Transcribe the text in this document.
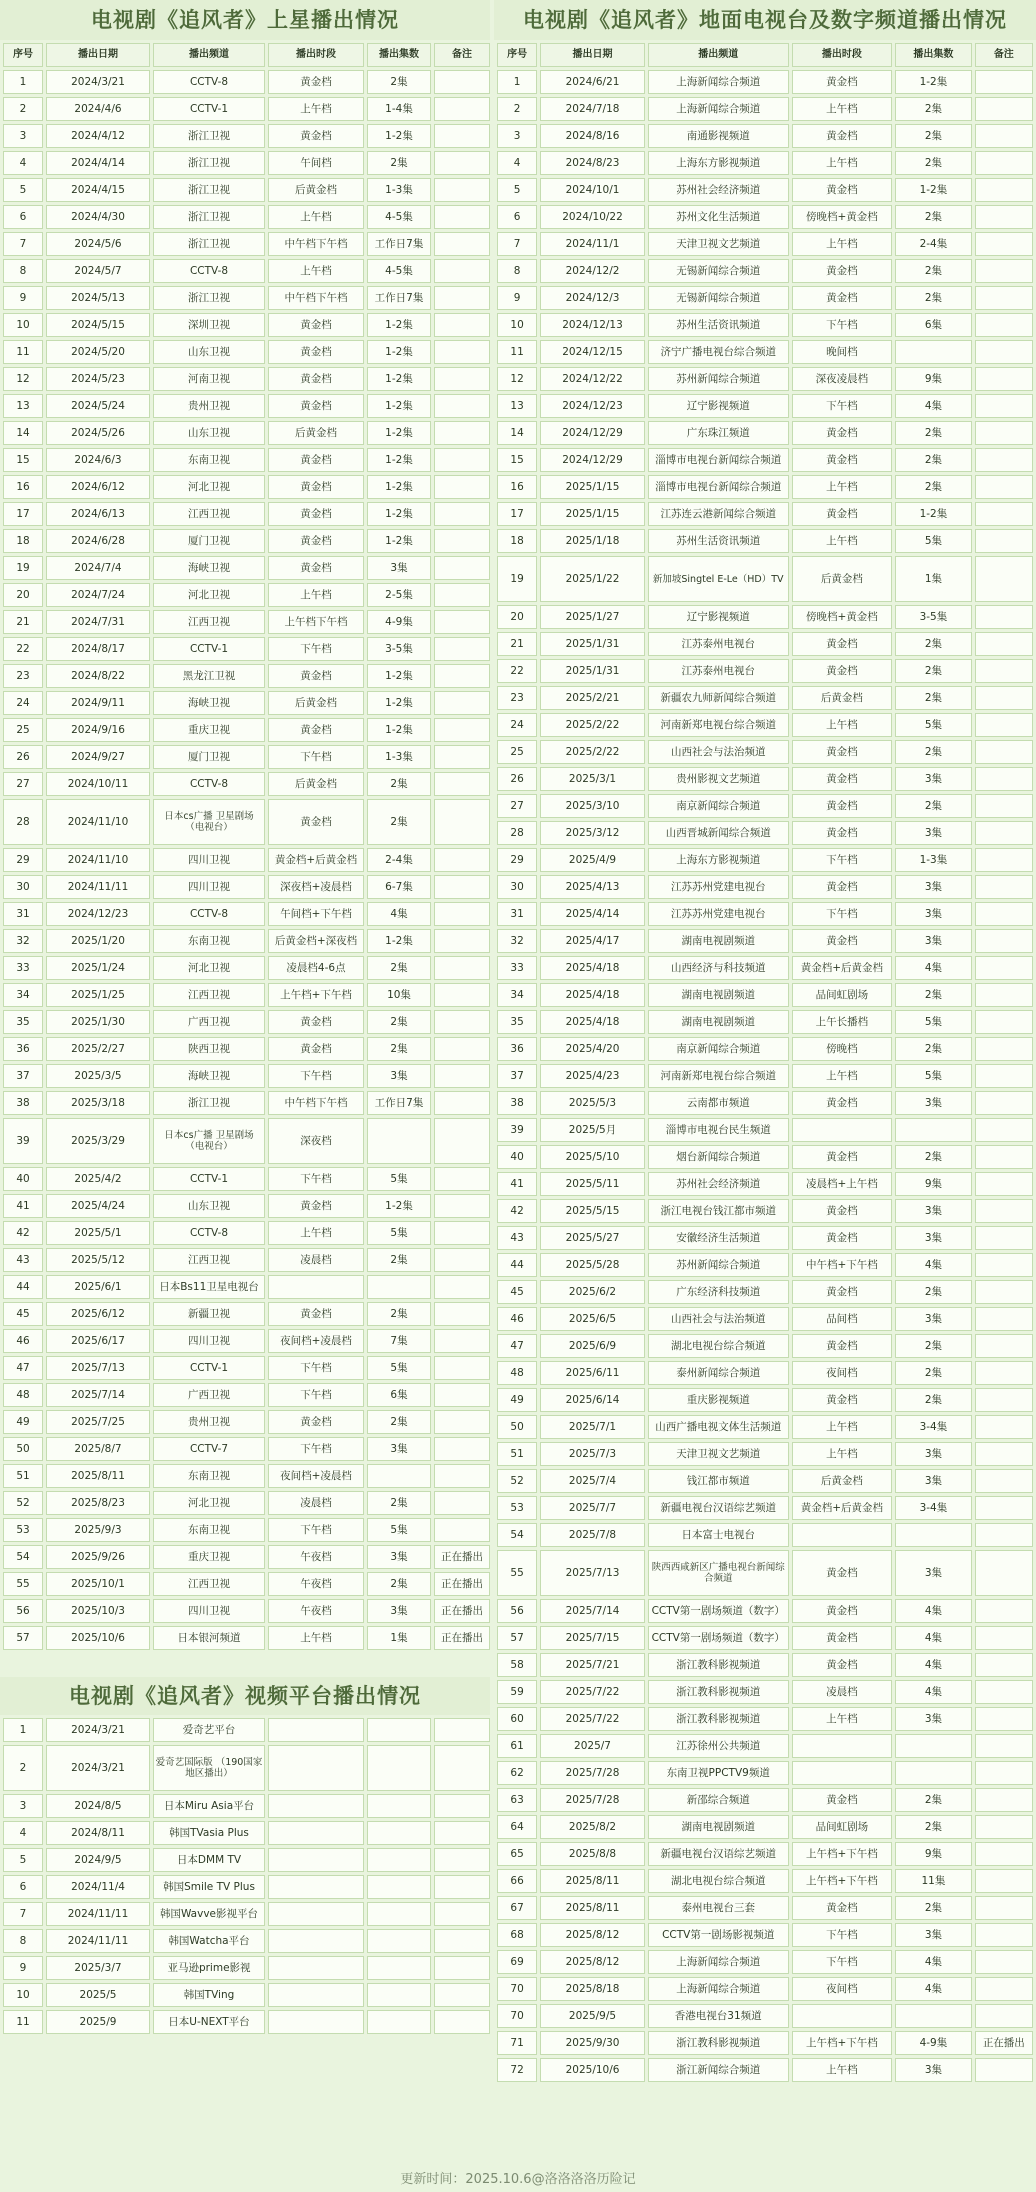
电视剧《追风者》上星播出情况
序号	播出日期	播出频道	播出时段	播出集数	备注
1	2024/3/21	CCTV-8	黄金档	2集	
2	2024/4/6	CCTV-1	上午档	1-4集	
3	2024/4/12	浙江卫视	黄金档	1-2集	
4	2024/4/14	浙江卫视	午间档	2集	
5	2024/4/15	浙江卫视	后黄金档	1-3集	
6	2024/4/30	浙江卫视	上午档	4-5集	
7	2024/5/6	浙江卫视	中午档下午档	工作日7集	
8	2024/5/7	CCTV-8	上午档	4-5集	
9	2024/5/13	浙江卫视	中午档下午档	工作日7集	
10	2024/5/15	深圳卫视	黄金档	1-2集	
11	2024/5/20	山东卫视	黄金档	1-2集	
12	2024/5/23	河南卫视	黄金档	1-2集	
13	2024/5/24	贵州卫视	黄金档	1-2集	
14	2024/5/26	山东卫视	后黄金档	1-2集	
15	2024/6/3	东南卫视	黄金档	1-2集	
16	2024/6/12	河北卫视	黄金档	1-2集	
17	2024/6/13	江西卫视	黄金档	1-2集	
18	2024/6/28	厦门卫视	黄金档	1-2集	
19	2024/7/4	海峡卫视	黄金档	3集	
20	2024/7/24	河北卫视	上午档	2-5集	
21	2024/7/31	江西卫视	上午档下午档	4-9集	
22	2024/8/17	CCTV-1	下午档	3-5集	
23	2024/8/22	黑龙江卫视	黄金档	1-2集	
24	2024/9/11	海峡卫视	后黄金档	1-2集	
25	2024/9/16	重庆卫视	黄金档	1-2集	
26	2024/9/27	厦门卫视	下午档	1-3集	
27	2024/10/11	CCTV-8	后黄金档	2集	
28	2024/11/10	日本cs广播 卫星剧场（电视台）	黄金档	2集	
29	2024/11/10	四川卫视	黄金档+后黄金档	2-4集	
30	2024/11/11	四川卫视	深夜档+凌晨档	6-7集	
31	2024/12/23	CCTV-8	午间档+下午档	4集	
32	2025/1/20	东南卫视	后黄金档+深夜档	1-2集	
33	2025/1/24	河北卫视	凌晨档4-6点	2集	
34	2025/1/25	江西卫视	上午档+下午档	10集	
35	2025/1/30	广西卫视	黄金档	2集	
36	2025/2/27	陕西卫视	黄金档	2集	
37	2025/3/5	海峡卫视	下午档	3集	
38	2025/3/18	浙江卫视	中午档下午档	工作日7集	
39	2025/3/29	日本cs广播 卫星剧场（电视台）	深夜档		
40	2025/4/2	CCTV-1	下午档	5集	
41	2025/4/24	山东卫视	黄金档	1-2集	
42	2025/5/1	CCTV-8	上午档	5集	
43	2025/5/12	江西卫视	凌晨档	2集	
44	2025/6/1	日本Bs11卫星电视台			
45	2025/6/12	新疆卫视	黄金档	2集	
46	2025/6/17	四川卫视	夜间档+凌晨档	7集	
47	2025/7/13	CCTV-1	下午档	5集	
48	2025/7/14	广西卫视	下午档	6集	
49	2025/7/25	贵州卫视	黄金档	2集	
50	2025/8/7	CCTV-7	下午档	3集	
51	2025/8/11	东南卫视	夜间档+凌晨档		
52	2025/8/23	河北卫视	凌晨档	2集	
53	2025/9/3	东南卫视	下午档	5集	
54	2025/9/26	重庆卫视	午夜档	3集	正在播出
55	2025/10/1	江西卫视	午夜档	2集	正在播出
56	2025/10/3	四川卫视	午夜档	3集	正在播出
57	2025/10/6	日本银河频道	上午档	1集	正在播出
电视剧《追风者》视频平台播出情况
1	2024/3/21	爱奇艺平台			
2	2024/3/21	爱奇艺国际版 （190国家地区播出）			
3	2024/8/5	日本Miru Asia平台			
4	2024/8/11	韩国TVasia Plus			
5	2024/9/5	日本DMM TV			
6	2024/11/4	韩国Smile TV Plus			
7	2024/11/11	韩国Wavve影视平台			
8	2024/11/11	韩国Watcha平台			
9	2025/3/7	亚马逊prime影视			
10	2025/5	韩国TVing			
11	2025/9	日本U-NEXT平台			
电视剧《追风者》地面电视台及数字频道播出情况
序号	播出日期	播出频道	播出时段	播出集数	备注
1	2024/6/21	上海新闻综合频道	黄金档	1-2集	
2	2024/7/18	上海新闻综合频道	上午档	2集	
3	2024/8/16	南通影视频道	黄金档	2集	
4	2024/8/23	上海东方影视频道	上午档	2集	
5	2024/10/1	苏州社会经济频道	黄金档	1-2集	
6	2024/10/22	苏州文化生活频道	傍晚档+黄金档	2集	
7	2024/11/1	天津卫视文艺频道	上午档	2-4集	
8	2024/12/2	无锡新闻综合频道	黄金档	2集	
9	2024/12/3	无锡新闻综合频道	黄金档	2集	
10	2024/12/13	苏州生活资讯频道	下午档	6集	
11	2024/12/15	济宁广播电视台综合频道	晚间档		
12	2024/12/22	苏州新闻综合频道	深夜凌晨档	9集	
13	2024/12/23	辽宁影视频道	下午档	4集	
14	2024/12/29	广东珠江频道	黄金档	2集	
15	2024/12/29	淄博市电视台新闻综合频道	黄金档	2集	
16	2025/1/15	淄博市电视台新闻综合频道	上午档	2集	
17	2025/1/15	江苏连云港新闻综合频道	黄金档	1-2集	
18	2025/1/18	苏州生活资讯频道	上午档	5集	
19	2025/1/22	新加坡Singtel E-Le（HD）TV	后黄金档	1集	
20	2025/1/27	辽宁影视频道	傍晚档+黄金档	3-5集	
21	2025/1/31	江苏泰州电视台	黄金档	2集	
22	2025/1/31	江苏泰州电视台	黄金档	2集	
23	2025/2/21	新疆农九师新闻综合频道	后黄金档	2集	
24	2025/2/22	河南新郑电视台综合频道	上午档	5集	
25	2025/2/22	山西社会与法治频道	黄金档	2集	
26	2025/3/1	贵州影视文艺频道	黄金档	3集	
27	2025/3/10	南京新闻综合频道	黄金档	2集	
28	2025/3/12	山西晋城新闻综合频道	黄金档	3集	
29	2025/4/9	上海东方影视频道	下午档	1-3集	
30	2025/4/13	江苏苏州党建电视台	黄金档	3集	
31	2025/4/14	江苏苏州党建电视台	下午档	3集	
32	2025/4/17	湖南电视剧频道	黄金档	3集	
33	2025/4/18	山西经济与科技频道	黄金档+后黄金档	4集	
34	2025/4/18	湖南电视剧频道	品间虹剧场	2集	
35	2025/4/18	湖南电视剧频道	上午长播档	5集	
36	2025/4/20	南京新闻综合频道	傍晚档	2集	
37	2025/4/23	河南新郑电视台综合频道	上午档	5集	
38	2025/5/3	云南都市频道	黄金档	3集	
39	2025/5月	淄博市电视台民生频道			
40	2025/5/10	烟台新闻综合频道	黄金档	2集	
41	2025/5/11	苏州社会经济频道	凌晨档+上午档	9集	
42	2025/5/15	浙江电视台钱江都市频道	黄金档	3集	
43	2025/5/27	安徽经济生活频道	黄金档	3集	
44	2025/5/28	苏州新闻综合频道	中午档+下午档	4集	
45	2025/6/2	广东经济科技频道	黄金档	2集	
46	2025/6/5	山西社会与法治频道	品间档	3集	
47	2025/6/9	湖北电视台综合频道	黄金档	2集	
48	2025/6/11	泰州新闻综合频道	夜间档	2集	
49	2025/6/14	重庆影视频道	黄金档	2集	
50	2025/7/1	山西广播电视文体生活频道	上午档	3-4集	
51	2025/7/3	天津卫视文艺频道	上午档	3集	
52	2025/7/4	钱江都市频道	后黄金档	3集	
53	2025/7/7	新疆电视台汉语综艺频道	黄金档+后黄金档	3-4集	
54	2025/7/8	日本富士电视台			
55	2025/7/13	陕西西咸新区广播电视台新闻综合频道	黄金档	3集	
56	2025/7/14	CCTV第一剧场频道（数字）	黄金档	4集	
57	2025/7/15	CCTV第一剧场频道（数字）	黄金档	4集	
58	2025/7/21	浙江教科影视频道	黄金档	4集	
59	2025/7/22	浙江教科影视频道	凌晨档	4集	
60	2025/7/22	浙江教科影视频道	上午档	3集	
61	2025/7	江苏徐州公共频道			
62	2025/7/28	东南卫视PPCTV9频道			
63	2025/7/28	新邵综合频道	黄金档	2集	
64	2025/8/2	湖南电视剧频道	品间虹剧场	2集	
65	2025/8/8	新疆电视台汉语综艺频道	上午档+下午档	9集	
66	2025/8/11	湖北电视台综合频道	上午档+下午档	11集	
67	2025/8/11	泰州电视台三套	黄金档	2集	
68	2025/8/12	CCTV第一剧场影视频道	下午档	3集	
69	2025/8/12	上海新闻综合频道	下午档	4集	
70	2025/8/18	上海新闻综合频道	夜间档	4集	
70	2025/9/5	香港电视台31频道			
71	2025/9/30	浙江教科影视频道	上午档+下午档	4-9集	正在播出
72	2025/10/6	浙江新闻综合频道	上午档	3集	
更新时间：2025.10.6@洛洛洛洛历险记
